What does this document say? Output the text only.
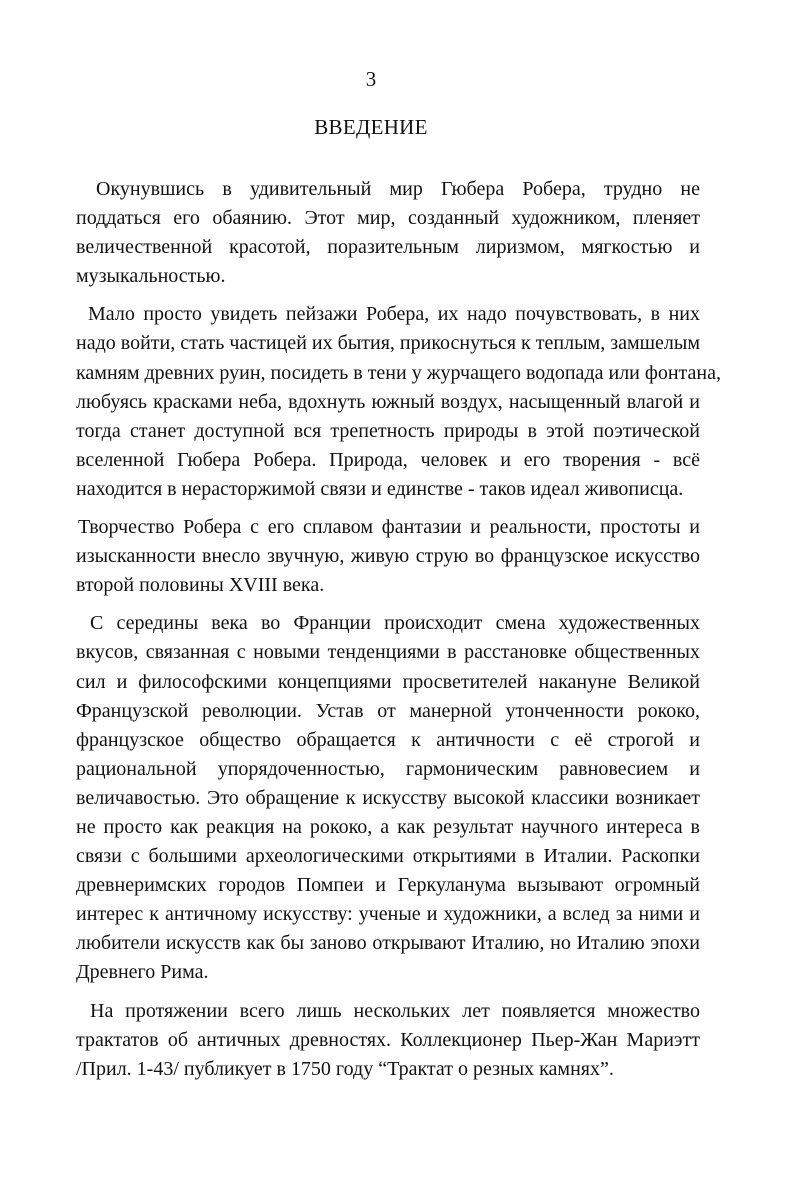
3
ВВЕДЕНИЕ
Окунувшись в удивительный мир Гюбера Робера, трудно не
поддаться его обаянию. Этот мир, созданный художником, пленяет
величественной красотой, поразительным лиризмом, мягкостью и
музыкальностью.
Мало просто увидеть пейзажи Робера, их надо почувствовать, в них
надо войти, стать частицей их бытия, прикоснуться к теплым, замшелым
камням древних руин, посидеть в тени у журчащего водопада или фонтана,
любуясь красками неба, вдохнуть южный воздух, насыщенный влагой и
тогда станет доступной вся трепетность природы в этой поэтической
вселенной Гюбера Робера. Природа, человек и его творения - всё
находится в нерасторжимой связи и единстве - таков идеал живописца.
Творчество Робера с его сплавом фантазии и реальности, простоты и
изысканности внесло звучную, живую струю во французское искусство
второй половины XVIII века.
С середины века во Франции происходит смена художественных
вкусов, связанная с новыми тенденциями в расстановке общественных
сил и философскими концепциями просветителей накануне Великой
Французской революции. Устав от манерной утонченности рококо,
французское общество обращается к античности с её строгой и
рациональной упорядоченностью, гармоническим равновесием и
величавостью. Это обращение к искусству высокой классики возникает
не просто как реакция на рококо, а как результат научного интереса в
связи с большими археологическими открытиями в Италии. Раскопки
древнеримских городов Помпеи и Геркуланума вызывают огромный
интерес к античному искусству: ученые и художники, а вслед за ними и
любители искусств как бы заново открывают Италию, но Италию эпохи
Древнего Рима.
На протяжении всего лишь нескольких лет появляется множество
трактатов об античных древностях. Коллекционер Пьер-Жан Мариэтт
/Прил. 1-43/ публикует в 1750 году “Трактат о резных камнях”.
